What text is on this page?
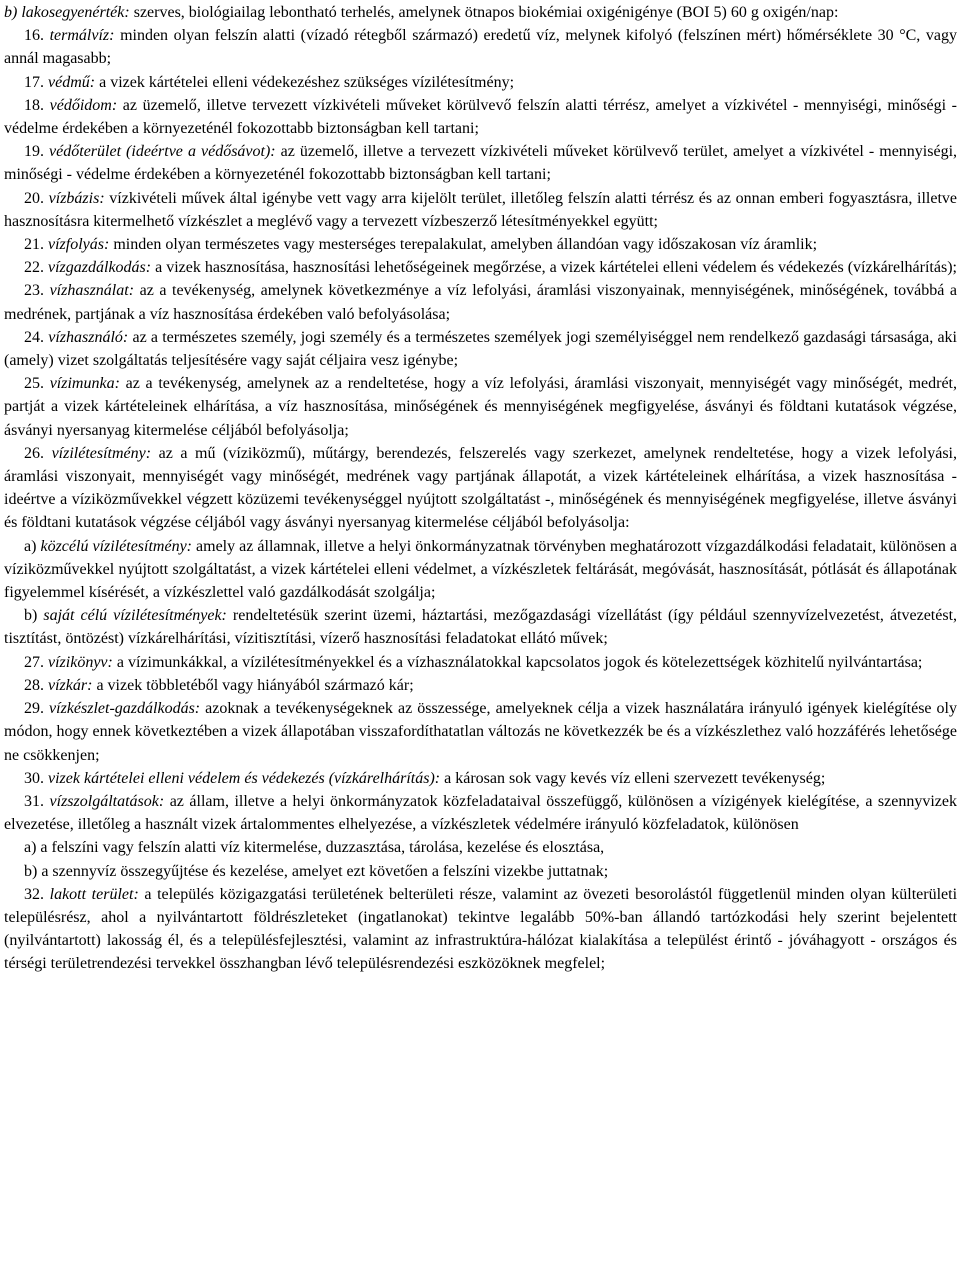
b) lakosegyenérték: szerves, biológiailag lebontható terhelés, amelynek ötnapos biokémiai oxigénigénye (BOI 5) 60 g oxigén/nap:

16. termálvíz: minden olyan felszín alatti (vízadó rétegből származó) eredetű víz, melynek kifolyó (felszínen mért) hőmérséklete 30 °C, vagy annál magasabb;

17. védmű: a vizek kártételei elleni védekezéshez szükséges vízilétesítmény;

18. védőidom: az üzemelő, illetve tervezett vízkivételi műveket körülvevő felszín alatti térrész, amelyet a vízkivétel - mennyiségi, minőségi - védelme érdekében a környezeténél fokozottabb biztonságban kell tartani;

19. védőterület (ideértve a védősávot): az üzemelő, illetve a tervezett vízkivételi műveket körülvevő terület, amelyet a vízkivétel - mennyiségi, minőségi - védelme érdekében a környezeténél fokozottabb biztonságban kell tartani;

20. vízbázis: vízkivételi művek által igénybe vett vagy arra kijelölt terület, illetőleg felszín alatti térrész és az onnan emberi fogyasztásra, illetve hasznosításra kitermelhető vízkészlet a meglévő vagy a tervezett vízbeszerző létesítményekkel együtt;

21. vízfolyás: minden olyan természetes vagy mesterséges terepalakulat, amelyben állandóan vagy időszakosan víz áramlik;

22. vízgazdálkodás: a vizek hasznosítása, hasznosítási lehetőségeinek megőrzése, a vizek kártételei elleni védelem és védekezés (vízkárelhárítás);

23. vízhasználat: az a tevékenység, amelynek következménye a víz lefolyási, áramlási viszonyainak, mennyiségének, minőségének, továbbá a medrének, partjának a víz hasznosítása érdekében való befolyásolása;

24. vízhasználó: az a természetes személy, jogi személy és a természetes személyek jogi személyiséggel nem rendelkező gazdasági társasága, aki (amely) vizet szolgáltatás teljesítésére vagy saját céljaira vesz igénybe;

25. vízimunka: az a tevékenység, amelynek az a rendeltetése, hogy a víz lefolyási, áramlási viszonyait, mennyiségét vagy minőségét, medrét, partját a vizek kártételeinek elhárítása, a víz hasznosítása, minőségének és mennyiségének megfigyelése, ásványi és földtani kutatások végzése, ásványi nyersanyag kitermelése céljából befolyásolja;

26. vízilétesítmény: az a mű (víziközmű), műtárgy, berendezés, felszerelés vagy szerkezet, amelynek rendeltetése, hogy a vizek lefolyási, áramlási viszonyait, mennyiségét vagy minőségét, medrének vagy partjának állapotát, a vizek kártételeinek elhárítása, a vizek hasznosítása - ideértve a víziközművekkel végzett közüzemi tevékenységgel nyújtott szolgáltatást -, minőségének és mennyiségének megfigyelése, illetve ásványi és földtani kutatások végzése céljából vagy ásványi nyersanyag kitermelése céljából befolyásolja:

a) közcélú vízilétesítmény: amely az államnak, illetve a helyi önkormányzatnak törvényben meghatározott vízgazdálkodási feladatait, különösen a víziközművekkel nyújtott szolgáltatást, a vizek kártételei elleni védelmet, a vízkészletek feltárását, megóvását, hasznosítását, pótlását és állapotának figyelemmel kísérését, a vízkészlettel való gazdálkodását szolgálja;

b) saját célú vízilétesítmények: rendeltetésük szerint üzemi, háztartási, mezőgazdasági vízellátást (így például szennyvízelvezetést, átvezetést, tisztítást, öntözést) vízkárelhárítási, vízitisztítási, vízerő hasznosítási feladatokat ellátó művek;

27. vízikönyv: a vízimunkákkal, a vízilétesítményekkel és a vízhasználatokkal kapcsolatos jogok és kötelezettségek közhitelű nyilvántartása;

28. vízkár: a vizek többletéből vagy hiányából származó kár;

29. vízkészlet-gazdálkodás: azoknak a tevékenységeknek az összessége, amelyeknek célja a vizek használatára irányuló igények kielégítése oly módon, hogy ennek következtében a vizek állapotában visszafordíthatatlan változás ne következzék be és a vízkészlethez való hozzáférés lehetősége ne csökkenjen;

30. vizek kártételei elleni védelem és védekezés (vízkárelhárítás): a károsan sok vagy kevés víz elleni szervezett tevékenység;

31. vízszolgáltatások: az állam, illetve a helyi önkormányzatok közfeladataival összefüggő, különösen a vízigények kielégítése, a szennyvizek elvezetése, illetőleg a használt vizek ártalommentes elhelyezése, a vízkészletek védelmére irányuló közfeladatok, különösen

a) a felszíni vagy felszín alatti víz kitermelése, duzzasztása, tárolása, kezelése és elosztása,

b) a szennyvíz összegyűjtése és kezelése, amelyet ezt követően a felszíni vizekbe juttatnak;

32. lakott terület: a település közigazgatási területének belterületi része, valamint az övezeti besorolástól függetlenül minden olyan külterületi településrész, ahol a nyilvántartott földrészleteket (ingatlanokat) tekintve legalább 50%-ban állandó tartózkodási hely szerint bejelentett (nyilvántartott) lakosság él, és a településfejlesztési, valamint az infrastruktúra-hálózat kialakítása a települést érintő - jóváhagyott - országos és térségi területrendezési tervekkel összhangban lévő településrendezési eszközöknek megfelel;
